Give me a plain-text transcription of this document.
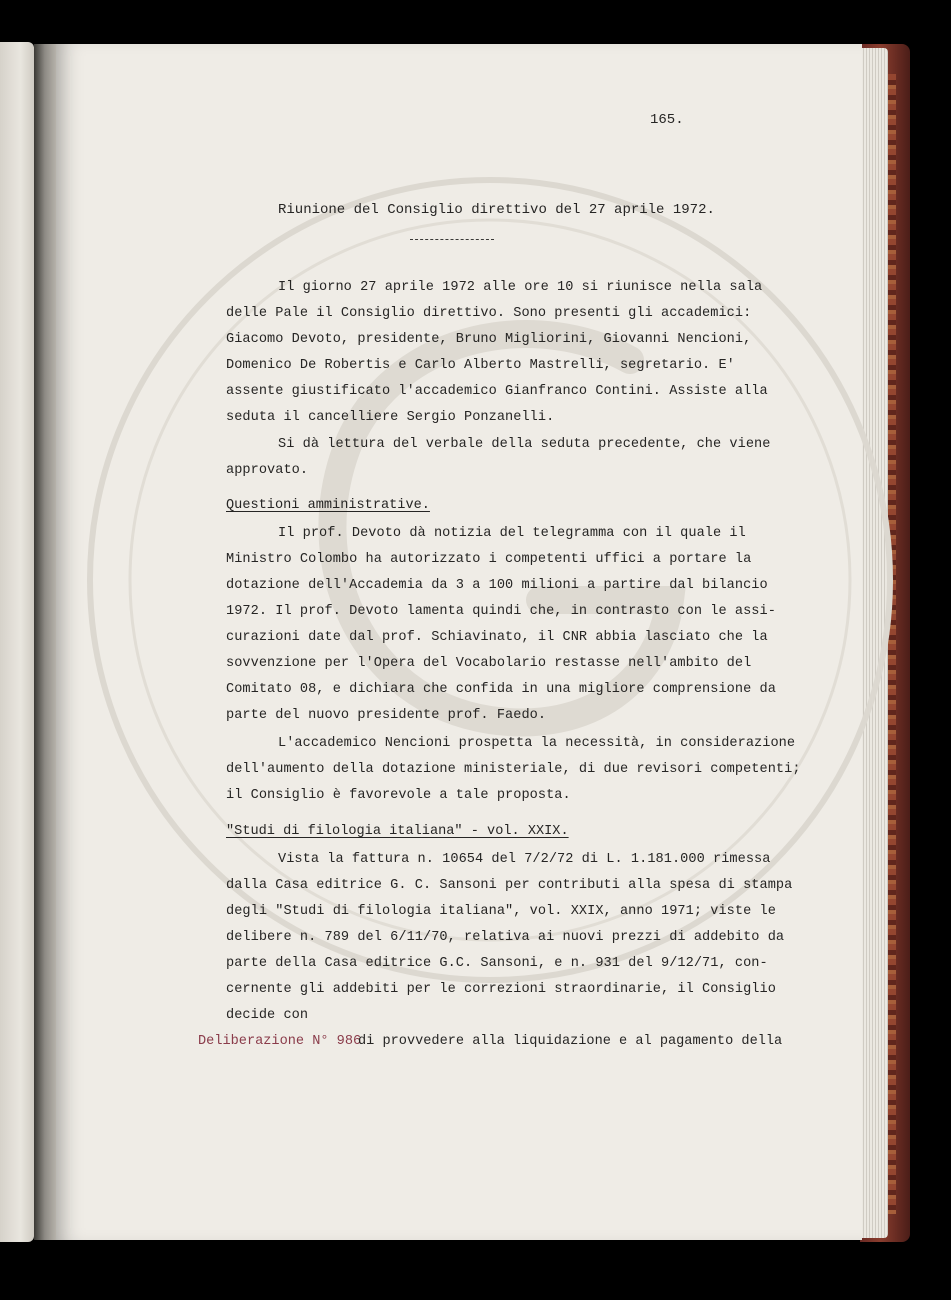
165.
Riunione del Consiglio direttivo del 27 aprile 1972.
Il giorno 27 aprile 1972 alle ore 10 si riunisce nella sala
delle Pale il Consiglio direttivo. Sono presenti gli accademici:
Giacomo Devoto, presidente, Bruno Migliorini, Giovanni Nencioni,
Domenico De Robertis e Carlo Alberto Mastrelli, segretario. E'
assente giustificato l'accademico Gianfranco Contini. Assiste alla
seduta il cancelliere Sergio Ponzanelli.
Si dà lettura del verbale della seduta precedente, che viene
approvato.
Questioni amministrative.
Il prof. Devoto dà notizia del telegramma con il quale il
Ministro Colombo ha autorizzato i competenti uffici a portare la
dotazione dell'Accademia da 3 a 100 milioni a partire dal bilancio
1972. Il prof. Devoto lamenta quindi che, in contrasto con le assi-
curazioni date dal prof. Schiavinato, il CNR abbia lasciato che la
sovvenzione per l'Opera del Vocabolario restasse nell'ambito del
Comitato 08, e dichiara che confida in una migliore comprensione da
parte del nuovo presidente prof. Faedo.
L'accademico Nencioni prospetta la necessità, in considerazione
dell'aumento della dotazione ministeriale, di due revisori competenti;
il Consiglio è favorevole a tale proposta.
"Studi di filologia italiana" - vol. XXIX.
Vista la fattura n. 10654 del 7/2/72 di L. 1.181.000 rimessa
dalla Casa editrice G. C. Sansoni per contributi alla spesa di stampa
degli "Studi di filologia italiana", vol. XXIX, anno 1971; viste le
delibere n. 789 del 6/11/70, relativa ai nuovi prezzi di addebito da
parte della Casa editrice G.C. Sansoni, e n. 931 del 9/12/71, con-
cernente gli addebiti per le correzioni straordinarie, il Consiglio
decide con
Deliberazione N° 986
di provvedere alla liquidazione e al pagamento della
